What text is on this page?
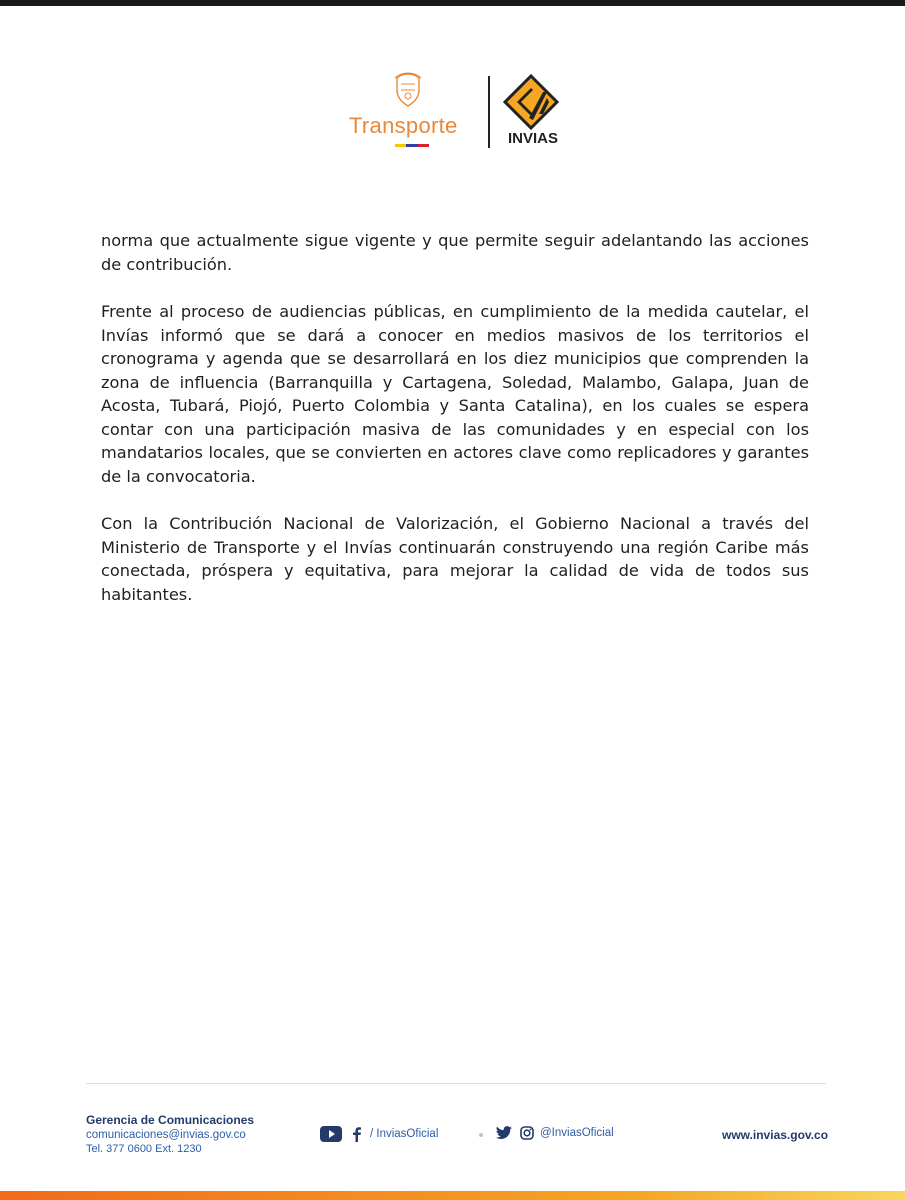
Transporte
INVIAS

norma que actualmente sigue vigente y que permite seguir adelantando las acciones de contribución.

Frente al proceso de audiencias públicas, en cumplimiento de la medida cautelar, el Invías informó que se dará a conocer en medios masivos de los territorios el cronograma y agenda que se desarrollará en los diez municipios que comprenden la zona de influencia (Barranquilla y Cartagena, Soledad, Malambo, Galapa, Juan de Acosta, Tubará, Piojó, Puerto Colombia y Santa Catalina), en los cuales se espera contar con una participación masiva de las comunidades y en especial con los mandatarios locales, que se convierten en actores clave como replicadores y garantes de la convocatoria.

Con la Contribución Nacional de Valorización, el Gobierno Nacional a través del Ministerio de Transporte y el Invías continuarán construyendo una región Caribe más conectada, próspera y equitativa, para mejorar la calidad de vida de todos sus habitantes.

Gerencia de Comunicaciones
comunicaciones@invias.gov.co
Tel. 377 0600 Ext. 1230
/ InviasOficial	@InviasOficial	www.invias.gov.co
